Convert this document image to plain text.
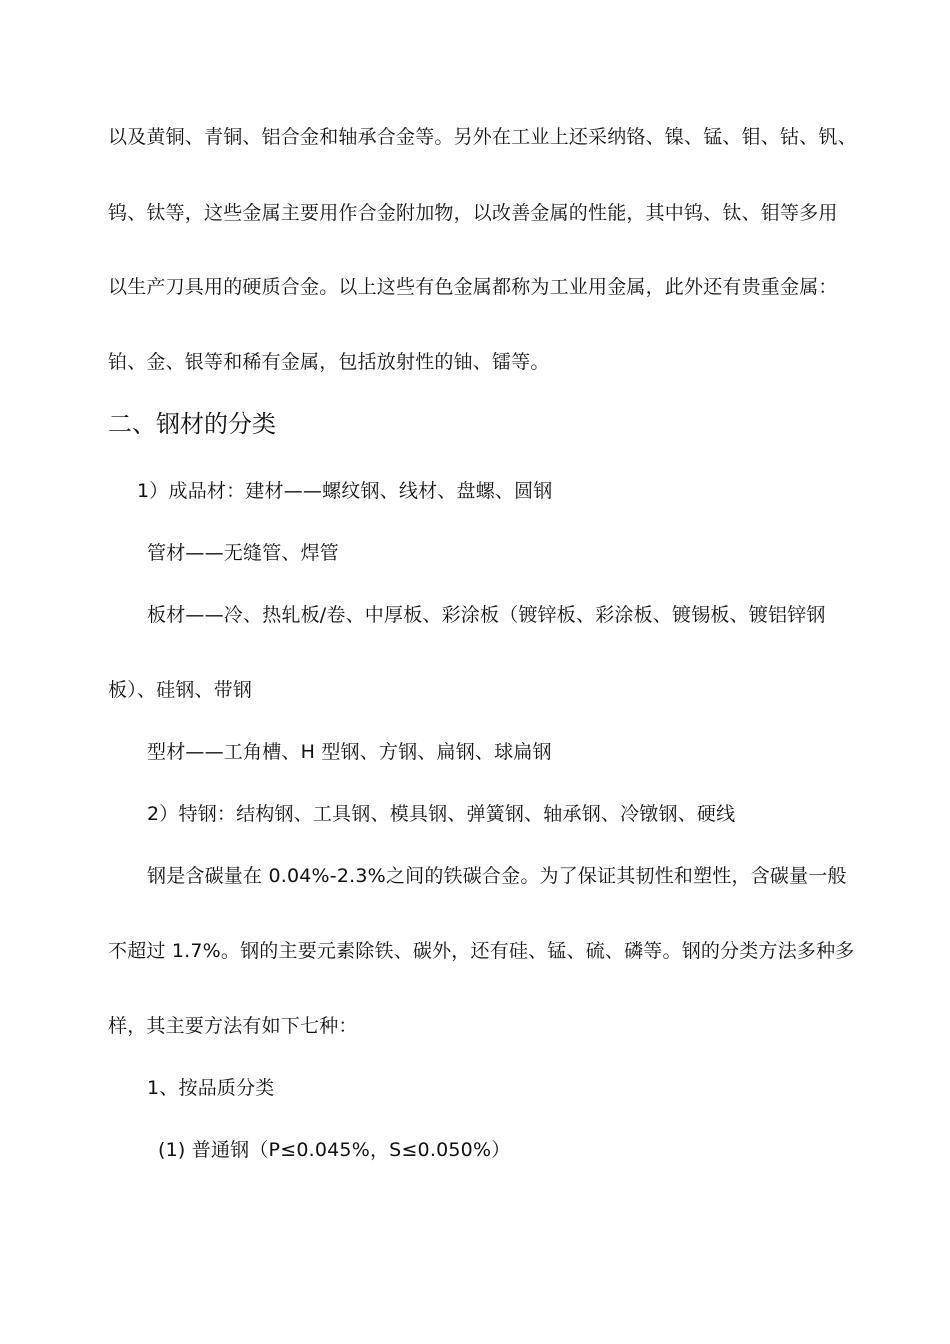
以及黄铜、青铜、铝合金和轴承合金等。另外在工业上还采纳铬、镍、锰、钼、钴、钒、
钨、钛等，这些金属主要用作合金附加物，以改善金属的性能，其中钨、钛、钼等多用
以生产刀具用的硬质合金。以上这些有色金属都称为工业用金属，此外还有贵重金属：
铂、金、银等和稀有金属，包括放射性的铀、镭等。
二、钢材的分类
1）成品材：建材——螺纹钢、线材、盘螺、圆钢
管材——无缝管、焊管
板材——冷、热轧板/卷、中厚板、彩涂板（镀锌板、彩涂板、镀锡板、镀铝锌钢
板）、硅钢、带钢
型材——工角槽、H 型钢、方钢、扁钢、球扁钢
2）特钢：结构钢、工具钢、模具钢、弹簧钢、轴承钢、冷镦钢、硬线
钢是含碳量在 0.04%-2.3%之间的铁碳合金。为了保证其韧性和塑性，含碳量一般
不超过 1.7%。钢的主要元素除铁、碳外，还有硅、锰、硫、磷等。钢的分类方法多种多
样，其主要方法有如下七种：
1、按品质分类
(1) 普通钢（P≤0.045%，S≤0.050%）
